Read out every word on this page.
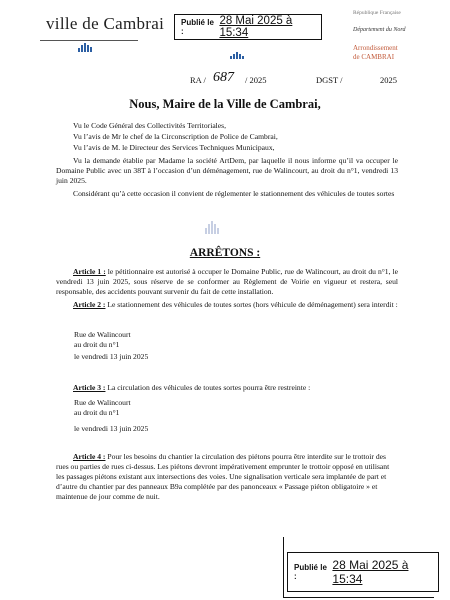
ville de Cambrai Publié le :
28 Mai 2025 à 15:34
République Française
Département du Nord
Arrondissement
de CAMBRAI
RA / 687 / 2025	DGST /	2025
Nous, Maire de la Ville de Cambrai,
Vu le Code Général des Collectivités Territoriales,
Vu l’avis de Mr le chef de la Circonscription de Police de Cambrai,
Vu l’avis de M. le Directeur des Services Techniques Municipaux,
Vu la demande établie par Madame la société ArtDem, par laquelle il nous informe qu’il va occuper le Domaine Public avec un 38T à l’occasion d’un déménagement, rue de Walincourt, au droit du n°1, vendredi 13 juin 2025.
Considérant qu’à cette occasion il convient de réglementer le stationnement des véhicules de toutes sortes
ARRÊTONS :
Article 1 : le pétitionnaire est autorisé à occuper le Domaine Public, rue de Walincourt, au droit du n°1, le vendredi 13 juin 2025, sous réserve de se conformer au Règlement de Voirie en vigueur et restera, seul responsable, des accidents pouvant survenir du fait de cette installation.
Article 2 : Le stationnement des véhicules de toutes sortes (hors véhicule de déménagement) sera interdit :
Rue de Walincourt
au droit du n°1
le vendredi 13 juin 2025
Article 3 : La circulation des véhicules de toutes sortes pourra être restreinte :
Rue de Walincourt
au droit du n°1
le vendredi 13 juin 2025
Article 4 : Pour les besoins du chantier la circulation des piétons pourra être interdite sur le trottoir des rues ou parties de rues ci-dessus. Les piétons devront impérativement emprunter le trottoir opposé en utilisant les passages piétons existant aux intersections des voies. Une signalisation verticale sera implantée de part et d’autre du chantier par des panneaux B9a complétée par des panonceaux « Passage piéton obligatoire » et maintenue de jour comme de nuit.
Publié le :
28 Mai 2025 à 15:34
